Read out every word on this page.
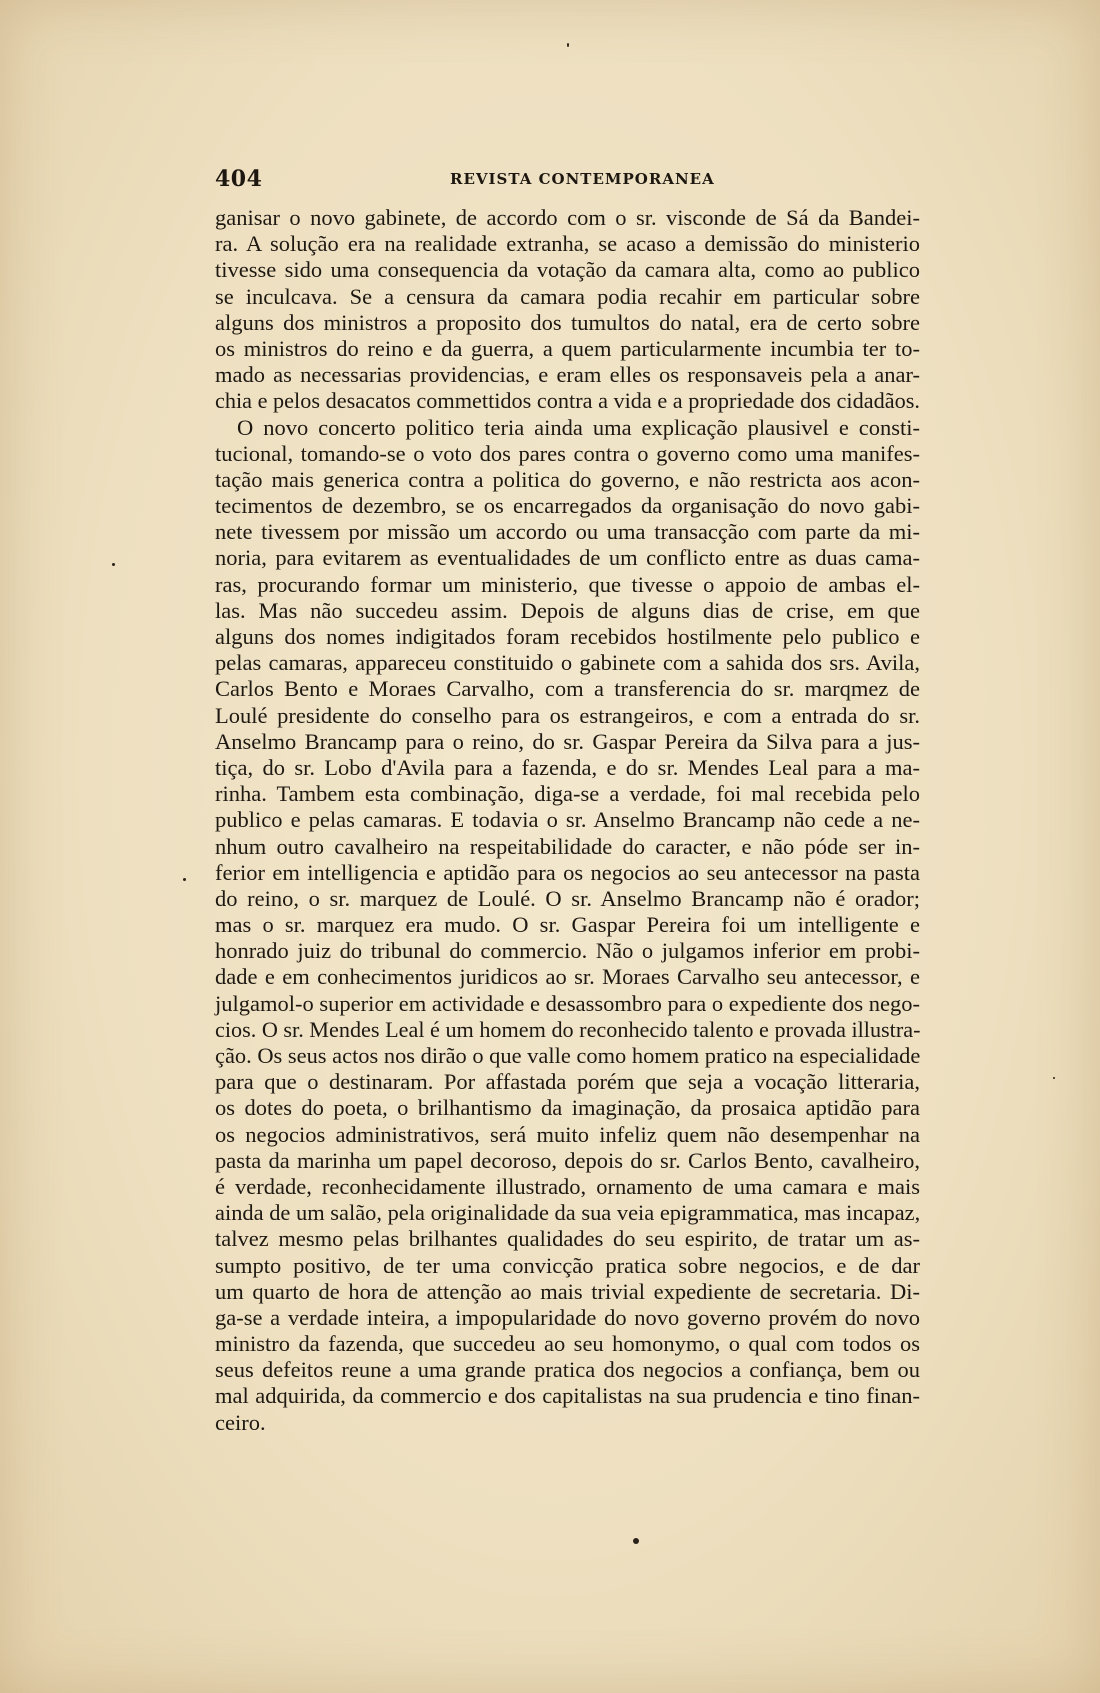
404	REVISTA CONTEMPORANEA
ganisar o novo gabinete, de accordo com o sr. visconde de Sá da Bandei-
ra. A solução era na realidade extranha, se acaso a demissão do ministerio
tivesse sido uma consequencia da votação da camara alta, como ao publico
se inculcava. Se a censura da camara podia recahir em particular sobre
alguns dos ministros a proposito dos tumultos do natal, era de certo sobre
os ministros do reino e da guerra, a quem particularmente incumbia ter to-
mado as necessarias providencias, e eram elles os responsaveis pela a anar-
chia e pelos desacatos commettidos contra a vida e a propriedade dos cidadãos.
O novo concerto politico teria ainda uma explicação plausivel e consti-
tucional, tomando-se o voto dos pares contra o governo como uma manifes-
tação mais generica contra a politica do governo, e não restricta aos acon-
tecimentos de dezembro, se os encarregados da organisação do novo gabi-
nete tivessem por missão um accordo ou uma transacção com parte da mi-
noria, para evitarem as eventualidades de um conflicto entre as duas cama-
ras, procurando formar um ministerio, que tivesse o appoio de ambas el-
las. Mas não succedeu assim. Depois de alguns dias de crise, em que
alguns dos nomes indigitados foram recebidos hostilmente pelo publico e
pelas camaras, appareceu constituido o gabinete com a sahida dos srs. Avila,
Carlos Bento e Moraes Carvalho, com a transferencia do sr. marqmez de
Loulé presidente do conselho para os estrangeiros, e com a entrada do sr.
Anselmo Brancamp para o reino, do sr. Gaspar Pereira da Silva para a jus-
tiça, do sr. Lobo d'Avila para a fazenda, e do sr. Mendes Leal para a ma-
rinha. Tambem esta combinação, diga-se a verdade, foi mal recebida pelo
publico e pelas camaras. E todavia o sr. Anselmo Brancamp não cede a ne-
nhum outro cavalheiro na respeitabilidade do caracter, e não póde ser in-
ferior em intelligencia e aptidão para os negocios ao seu antecessor na pasta
do reino, o sr. marquez de Loulé. O sr. Anselmo Brancamp não é orador;
mas o sr. marquez era mudo. O sr. Gaspar Pereira foi um intelligente e
honrado juiz do tribunal do commercio. Não o julgamos inferior em probi-
dade e em conhecimentos juridicos ao sr. Moraes Carvalho seu antecessor, e
julgamol-o superior em actividade e desassombro para o expediente dos nego-
cios. O sr. Mendes Leal é um homem do reconhecido talento e provada illustra-
ção. Os seus actos nos dirão o que valle como homem pratico na especialidade
para que o destinaram. Por affastada porém que seja a vocação litteraria,
os dotes do poeta, o brilhantismo da imaginação, da prosaica aptidão para
os negocios administrativos, será muito infeliz quem não desempenhar na
pasta da marinha um papel decoroso, depois do sr. Carlos Bento, cavalheiro,
é verdade, reconhecidamente illustrado, ornamento de uma camara e mais
ainda de um salão, pela originalidade da sua veia epigrammatica, mas incapaz,
talvez mesmo pelas brilhantes qualidades do seu espirito, de tratar um as-
sumpto positivo, de ter uma convicção pratica sobre negocios, e de dar
um quarto de hora de attenção ao mais trivial expediente de secretaria. Di-
ga-se a verdade inteira, a impopularidade do novo governo provém do novo
ministro da fazenda, que succedeu ao seu homonymo, o qual com todos os
seus defeitos reune a uma grande pratica dos negocios a confiança, bem ou
mal adquirida, da commercio e dos capitalistas na sua prudencia e tino finan-
ceiro.
